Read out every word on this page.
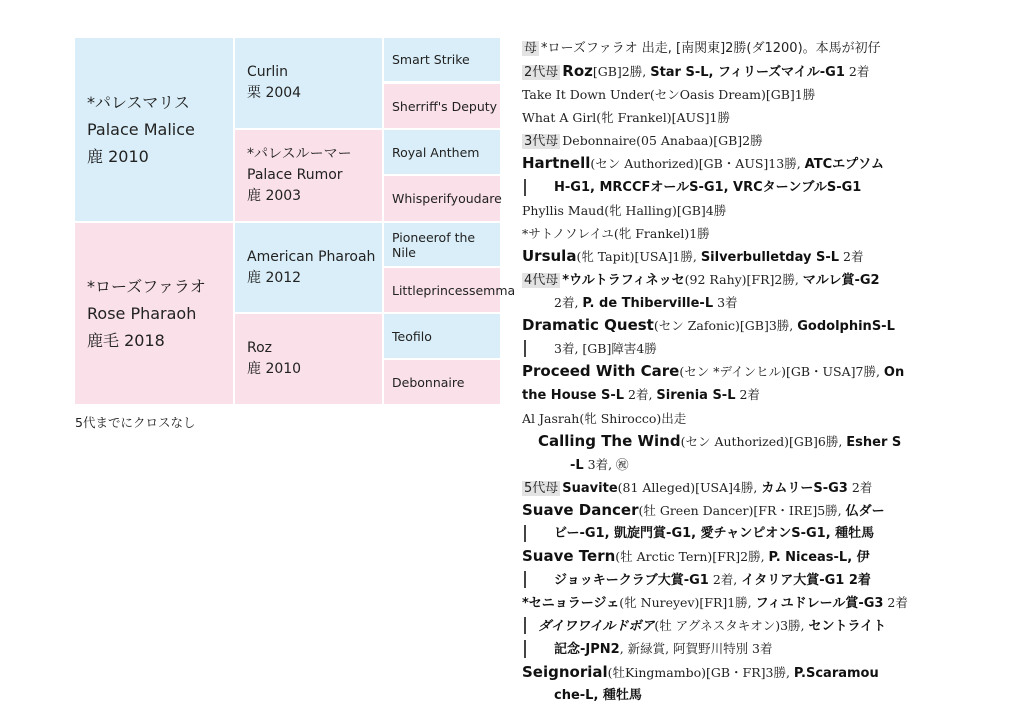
*パレスマリス
Palace Malice
鹿 2010
*ローズファラオ
Rose Pharaoh
鹿毛 2018
Curlin
栗 2004
*パレスルーマー
Palace Rumor
鹿 2003
American Pharoah
鹿 2012
Roz
鹿 2010
Smart Strike
Sherriff's Deputy
Royal Anthem
Whisperifyoudare
Pioneerof the Nile
Littleprincessemma
Teofilo
Debonnaire
5代までにクロスなし
母 *ローズファラオ 出走, [南関東]2勝(ダ1200)。本馬が初仔
2代母 Roz[GB]2勝, Star S-L, フィリーズマイル-G1 2着
Take It Down Under(センOasis Dream)[GB]1勝
What A Girl(牝 Frankel)[AUS]1勝
3代母 Debonnaire(05 Anabaa)[GB]2勝
Hartnell(セン Authorized)[GB・AUS]13勝, ATCエプソム
H-G1, MRCCFオールS-G1, VRCターンブルS-G1
Phyllis Maud(牝 Halling)[GB]4勝
*サトノソレイユ(牝 Frankel)1勝
Ursula(牝 Tapit)[USA]1勝, Silverbulletday S-L 2着
4代母 *ウルトラフィネッセ(92 Rahy)[FR]2勝, マルレ賞-G2
2着, P. de Thiberville-L 3着
Dramatic Quest(セン Zafonic)[GB]3勝, GodolphinS-L
3着, [GB]障害4勝
Proceed With Care(セン *デインヒル)[GB・USA]7勝, On
the House S-L 2着, Sirenia S-L 2着
Al Jasrah(牝 Shirocco)出走
Calling The Wind(セン Authorized)[GB]6勝, Esher S
-L 3着, ㊗
5代母 Suavite(81 Alleged)[USA]4勝, カムリーS-G3 2着
Suave Dancer(牡 Green Dancer)[FR・IRE]5勝, 仏ダー
ビー-G1, 凱旋門賞-G1, 愛チャンピオンS-G1, 種牡馬
Suave Tern(牡 Arctic Tern)[FR]2勝, P. Niceas-L, 伊
ジョッキークラブ大賞-G1 2着, イタリア大賞-G1 2着
*セニョラージェ(牝 Nureyev)[FR]1勝, フィユドレール賞-G3 2着
ダイワワイルドボア(牡 アグネスタキオン)3勝, セントライト
記念-JPN2, 新緑賞, 阿賀野川特別 3着
Seignorial(牡Kingmambo)[GB・FR]3勝, P.Scaramou
che-L, 種牡馬
